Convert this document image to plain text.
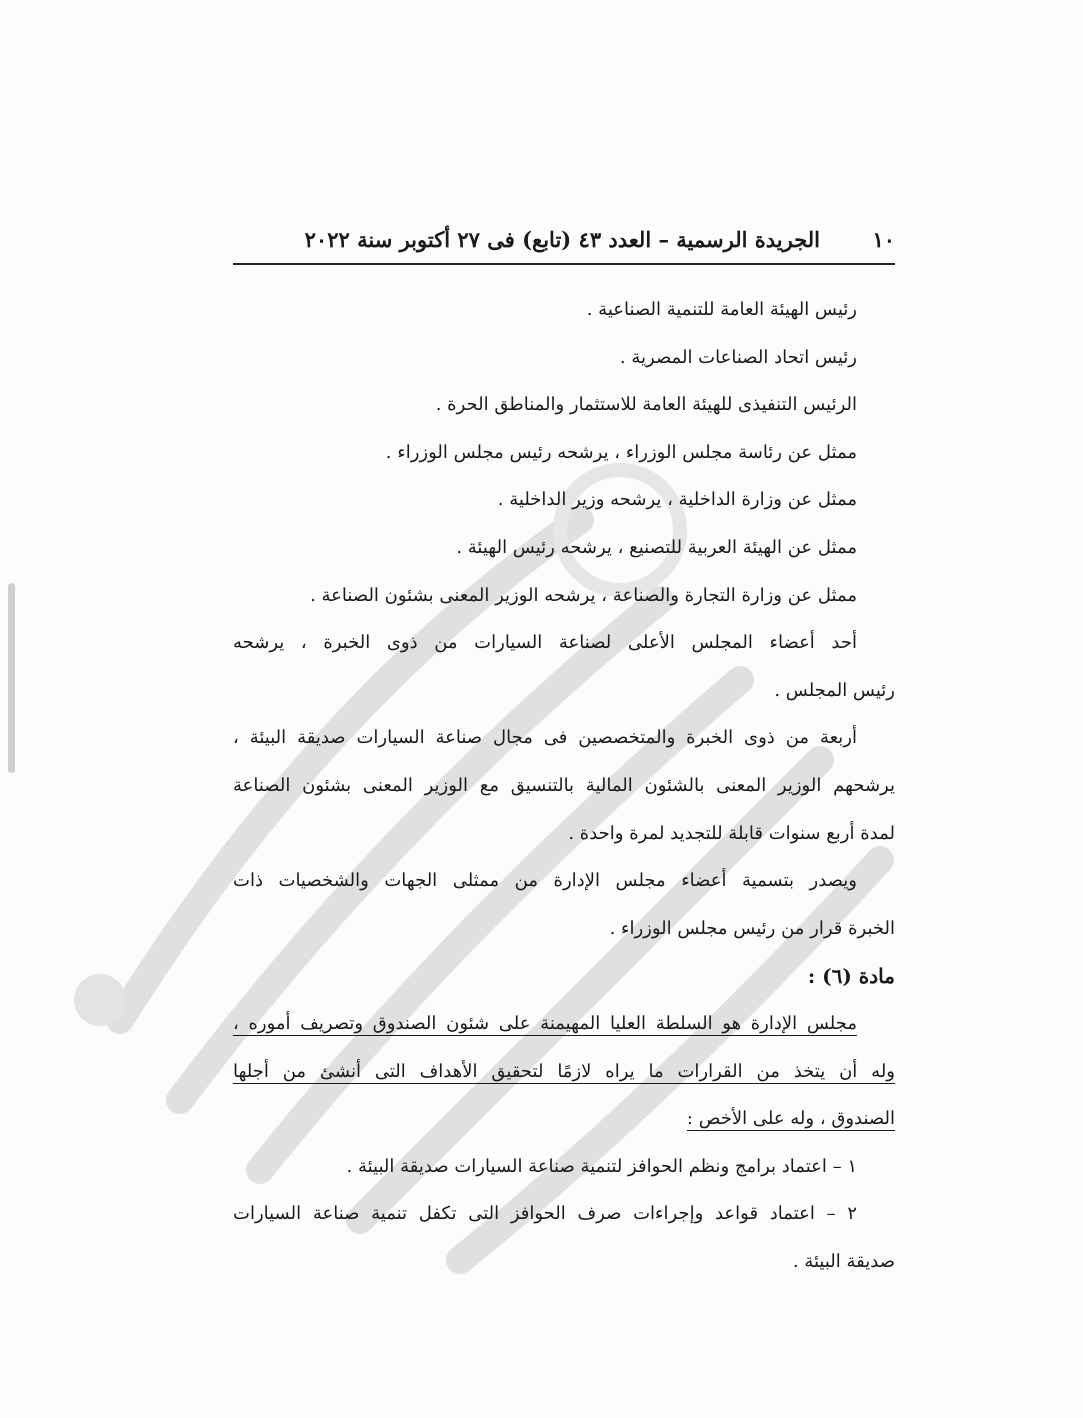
١٠
الجريدة الرسمية – العدد ٤٣ (تابع) فى ٢٧ أكتوبر سنة ٢٠٢٢
رئيس الهيئة العامة للتنمية الصناعية .
رئيس اتحاد الصناعات المصرية .
الرئيس التنفيذى للهيئة العامة للاستثمار والمناطق الحرة .
ممثل عن رئاسة مجلس الوزراء ، يرشحه رئيس مجلس الوزراء .
ممثل عن وزارة الداخلية ، يرشحه وزير الداخلية .
ممثل عن الهيئة العربية للتصنيع ، يرشحه رئيس الهيئة .
ممثل عن وزارة التجارة والصناعة ، يرشحه الوزير المعنى بشئون الصناعة .
أحد أعضاء المجلس الأعلى لصناعة السيارات من ذوى الخبرة ، يرشحه
رئيس المجلس .
أربعة من ذوى الخبرة والمتخصصين فى مجال صناعة السيارات صديقة البيئة ،
يرشحهم الوزير المعنى بالشئون المالية بالتنسيق مع الوزير المعنى بشئون الصناعة
لمدة أربع سنوات قابلة للتجديد لمرة واحدة .
ويصدر بتسمية أعضاء مجلس الإدارة من ممثلى الجهات والشخصيات ذات
الخبرة قرار من رئيس مجلس الوزراء .
مادة (٦) :
مجلس الإدارة هو السلطة العليا المهيمنة على شئون الصندوق وتصريف أموره ،
وله أن يتخذ من القرارات ما يراه لازمًا لتحقيق الأهداف التى أنشئ من أجلها
الصندوق ، وله على الأخص :
١ – اعتماد برامج ونظم الحوافز لتنمية صناعة السيارات صديقة البيئة .
٢ – اعتماد قواعد وإجراءات صرف الحوافز التى تكفل تنمية صناعة السيارات
صديقة البيئة .
